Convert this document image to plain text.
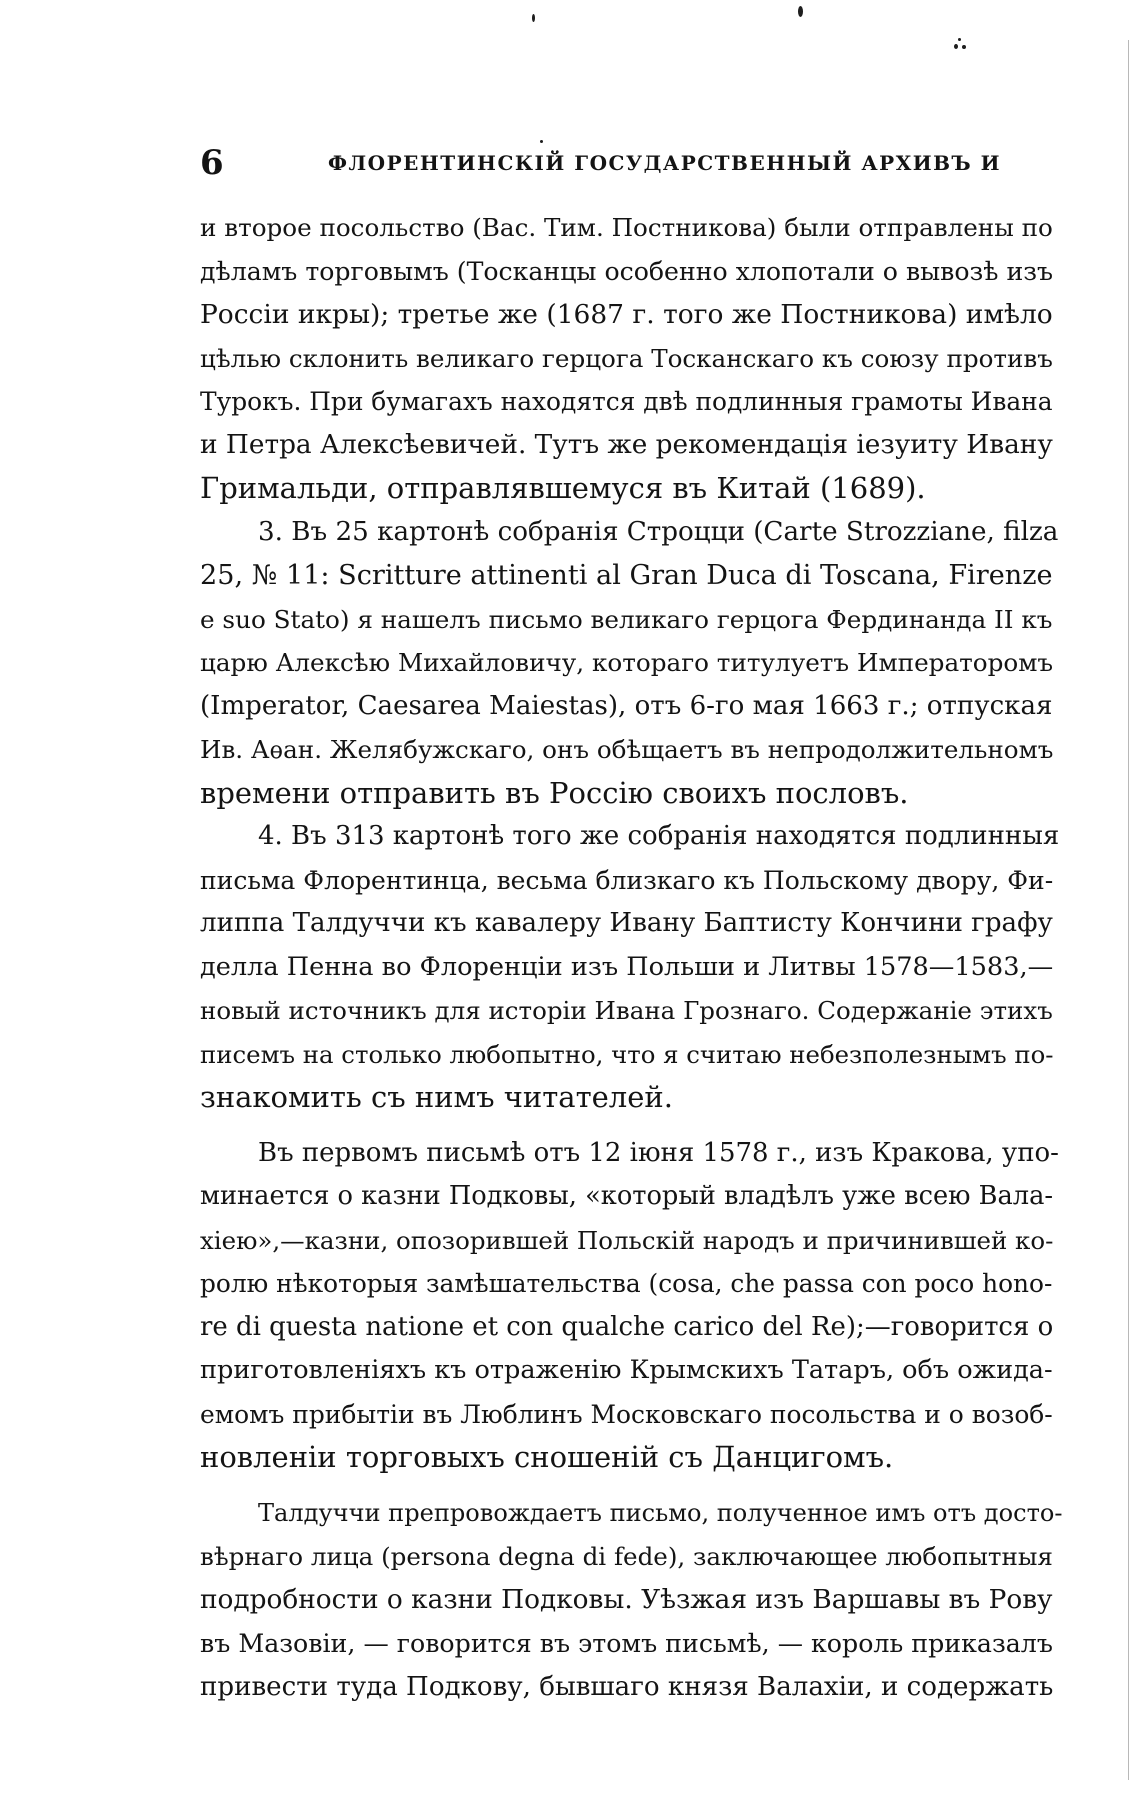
6	ФЛОРЕНТИНСКІЙ ГОСУДАРСТВЕННЫЙ АРХИВЪ И
и второе посольство (Вас. Тим. Постникова) были отправлены по
дѣламъ торговымъ (Тосканцы особенно хлопотали о вывозѣ изъ
Россіи икры); третье же (1687 г. того же Постникова) имѣло
цѣлью склонить великаго герцога Тосканскаго къ союзу противъ
Турокъ. При бумагахъ находятся двѣ подлинныя грамоты Ивана
и Петра Алексѣевичей. Тутъ же рекомендація іезуиту Ивану
Гримальди, отправлявшемуся въ Китай (1689).
3. Въ 25 картонѣ собранія Строцци (Carte Strozziane, filza
25, № 11: Scritture attinenti al Gran Duca di Toscana, Firenze
e suo Stato) я нашелъ письмо великаго герцога Фердинанда II къ
царю Алексѣю Михайловичу, котораго титулуетъ Императоромъ
(Imperator, Caesarea Maiestas), отъ 6-го мая 1663 г.; отпуская
Ив. Аѳан. Желябужскаго, онъ обѣщаетъ въ непродолжительномъ
времени отправить въ Россію своихъ пословъ.
4. Въ 313 картонѣ того же собранія находятся подлинныя
письма Флорентинца, весьма близкаго къ Польскому двору, Фи-
липпа Талдуччи къ кавалеру Ивану Баптисту Кончини графу
делла Пенна во Флоренціи изъ Польши и Литвы 1578—1583,—
новый источникъ для исторіи Ивана Грознаго. Содержаніе этихъ
писемъ на столько любопытно, что я считаю небезполезнымъ по-
знакомить съ нимъ читателей.
Въ первомъ письмѣ отъ 12 іюня 1578 г., изъ Кракова, упо-
минается о казни Подковы, «который владѣлъ уже всею Вала-
хіею»,—казни, опозорившей Польскій народъ и причинившей ко-
ролю нѣкоторыя замѣшательства (cosa, che passa con poco hono-
re di questa natione et con qualche carico del Re);—говорится о
приготовленіяхъ къ отраженію Крымскихъ Татаръ, объ ожида-
емомъ прибытіи въ Люблинъ Московскаго посольства и о возоб-
новленіи торговыхъ сношеній съ Данцигомъ.
Талдуччи препровождаетъ письмо, полученное имъ отъ досто-
вѣрнаго лица (persona degna di fede), заключающее любопытныя
подробности о казни Подковы. Уѣзжая изъ Варшавы въ Рову
въ Мазовіи, — говорится въ этомъ письмѣ, — король приказалъ
привести туда Подкову, бывшаго князя Валахіи, и содержать
